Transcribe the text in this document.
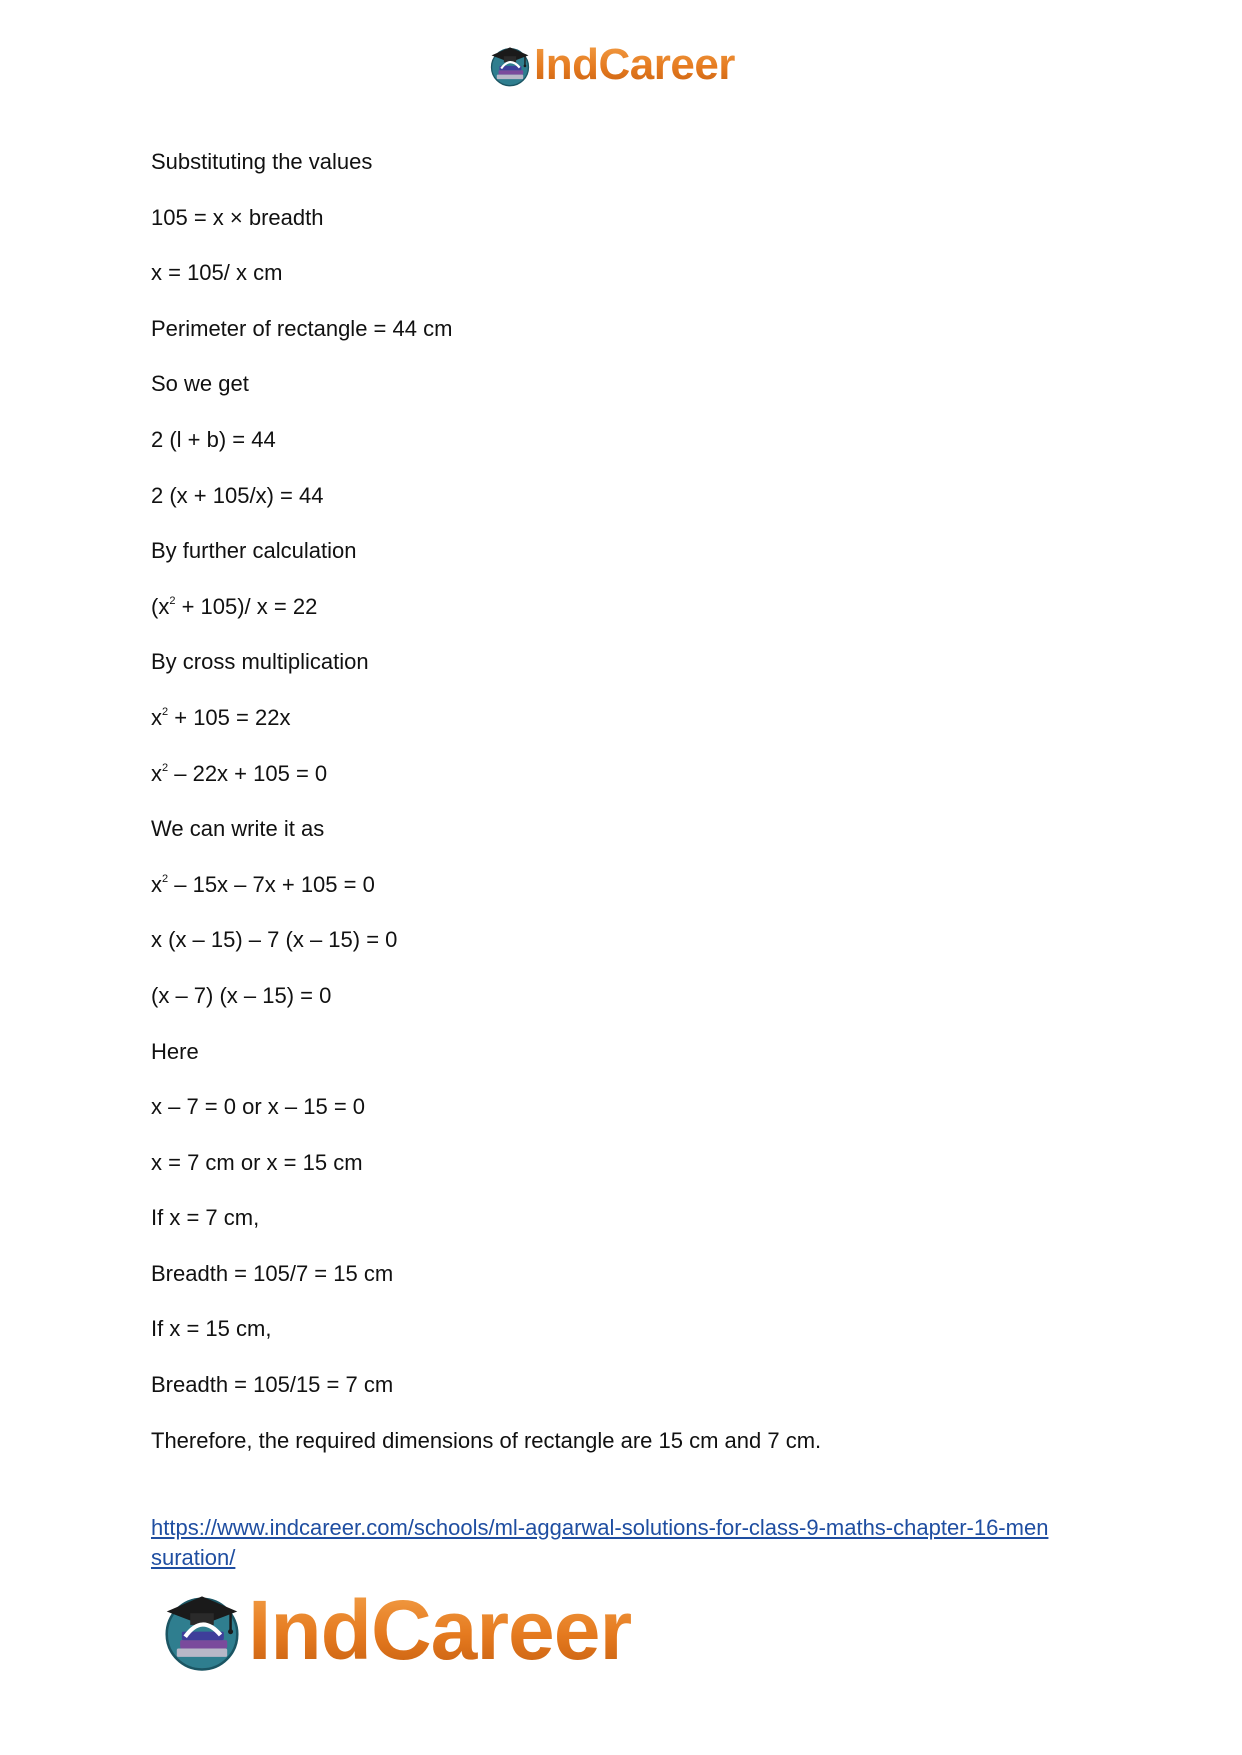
IndCareer
Substituting the values
105 = x × breadth
x = 105/ x cm
Perimeter of rectangle = 44 cm
So we get
2 (l + b) = 44
2 (x + 105/x) = 44
By further calculation
$(x^2 + 105)/$ x = 22
By cross multiplication
$x^2 + 105 = 22x$
$x^2 - 22x + 105 = 0$
We can write it as
$x^2 - 15x - 7x + 105 = 0$
x (x – 15) – 7 (x – 15) = 0
(x – 7) (x – 15) = 0
Here
x – 7 = 0 or x – 15 = 0
x = 7 cm or x = 15 cm
If x = 7 cm,
Breadth = 105/7 = 15 cm
If x = 15 cm,
Breadth = 105/15 = 7 cm
Therefore, the required dimensions of rectangle are 15 cm and 7 cm.
https://www.indcareer.com/schools/ml-aggarwal-solutions-for-class-9-maths-chapter-16-men
suration/
IndCareer
